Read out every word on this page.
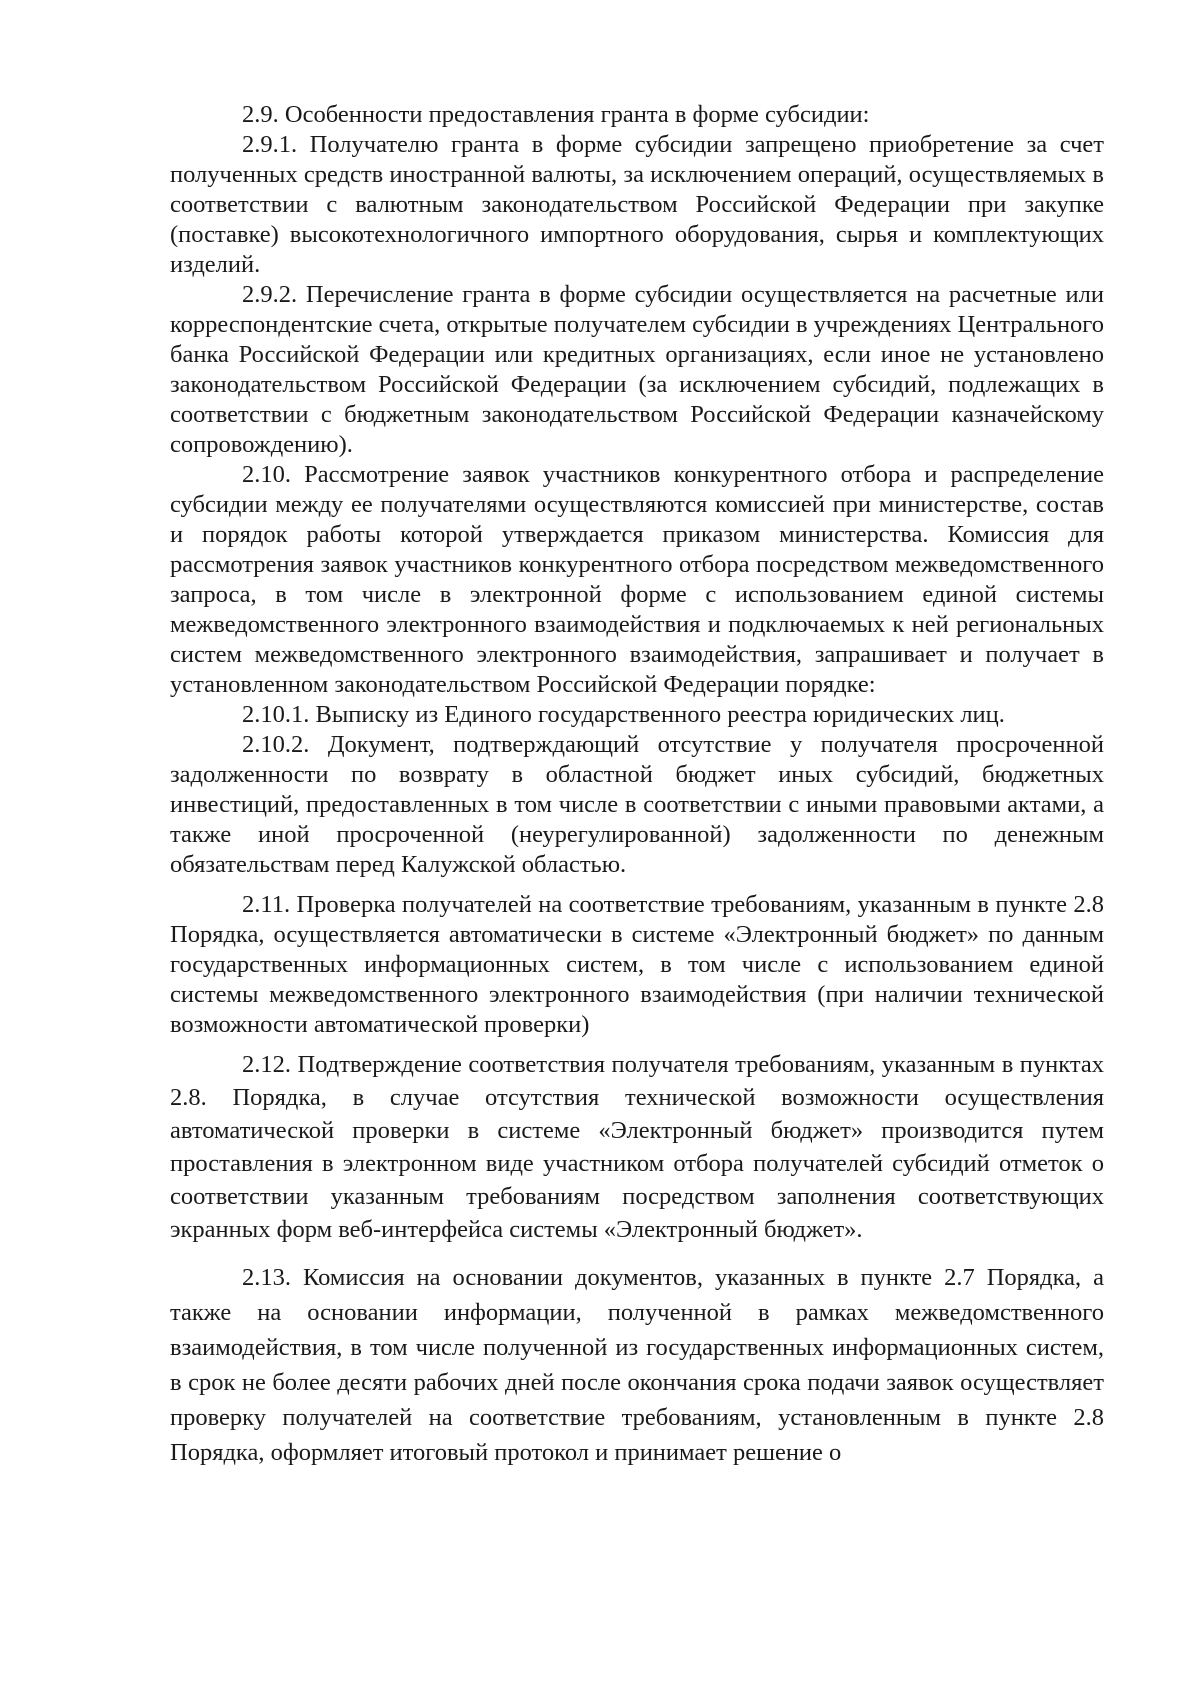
2.9. Особенности предоставления гранта в форме субсидии:

2.9.1. Получателю гранта в форме субсидии запрещено приобретение за счет полученных средств иностранной валюты, за исключением операций, осуществляемых в соответствии с валютным законодательством Российской Федерации при закупке (поставке) высокотехнологичного импортного оборудования, сырья и комплектующих изделий.

2.9.2. Перечисление гранта в форме субсидии осуществляется на расчетные или корреспондентские счета, открытые получателем субсидии в учреждениях Центрального банка Российской Федерации или кредитных организациях, если иное не установлено законодательством Российской Федерации (за исключением субсидий, подлежащих в соответствии с бюджетным законодательством Российской Федерации казначейскому сопровождению).

2.10. Рассмотрение заявок участников конкурентного отбора и распределение субсидии между ее получателями осуществляются комиссией при министерстве, состав и порядок работы которой утверждается приказом министерства. Комиссия для рассмотрения заявок участников конкурентного отбора посредством межведомственного запроса, в том числе в электронной форме с использованием единой системы межведомственного электронного взаимодействия и подключаемых к ней региональных систем межведомственного электронного взаимодействия, запрашивает и получает в установленном законодательством Российской Федерации порядке:

2.10.1. Выписку из Единого государственного реестра юридических лиц.

2.10.2. Документ, подтверждающий отсутствие у получателя просроченной задолженности по возврату в областной бюджет иных субсидий, бюджетных инвестиций, предоставленных в том числе в соответствии с иными правовыми актами, а также иной просроченной (неурегулированной) задолженности по денежным обязательствам перед Калужской областью.

2.11. Проверка получателей на соответствие требованиям, указанным в пункте 2.8 Порядка, осуществляется автоматически в системе «Электронный бюджет» по данным государственных информационных систем, в том числе с использованием единой системы межведомственного электронного взаимодействия (при наличии технической возможности автоматической проверки)

2.12. Подтверждение соответствия получателя требованиям, указанным в пунктах 2.8. Порядка, в случае отсутствия технической возможности осуществления автоматической проверки в системе «Электронный бюджет» производится путем проставления в электронном виде участником отбора получателей субсидий отметок о соответствии указанным требованиям посредством заполнения соответствующих экранных форм веб-интерфейса системы «Электронный бюджет».

2.13. Комиссия на основании документов, указанных в пункте 2.7 Порядка, а также на основании информации, полученной в рамках межведомственного взаимодействия, в том числе полученной из государственных информационных систем, в срок не более десяти рабочих дней после окончания срока подачи заявок осуществляет проверку получателей на соответствие требованиям, установленным в пункте 2.8 Порядка, оформляет итоговый протокол и принимает решение о
